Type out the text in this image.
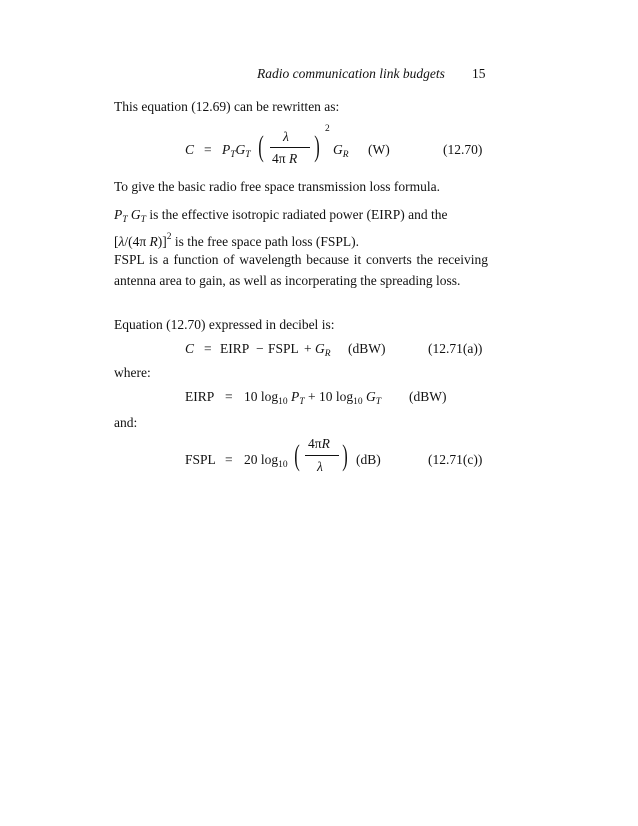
Radio communication link budgets 15
This equation (12.69) can be rewritten as:
$C = P_TG_T$ ( λ
4π R )
2
$G_R$ (W)	(12.70)
To give the basic radio free space transmission loss formula.
$P_T$ $G_T$ is the effective isotropic radiated power (EIRP) and the
[λ/(4π R)]$^2$ is the free space path loss (FSPL).
FSPL is a function of wavelength because it converts the receiving antenna area to gain, as well as incorperating the spreading loss.
Equation (12.70) expressed in decibel is:
C = EIRP − FSPL + $G_R$ (dBW)	(12.71(a))
where:
EIRP = 10 $\log_{10} P_T + 10$ $\log_{10} G_T$ (dBW)
and:
FSPL = 20 $\log_{10}$ ( 4πR
λ ) (dB)	(12.71(c))
